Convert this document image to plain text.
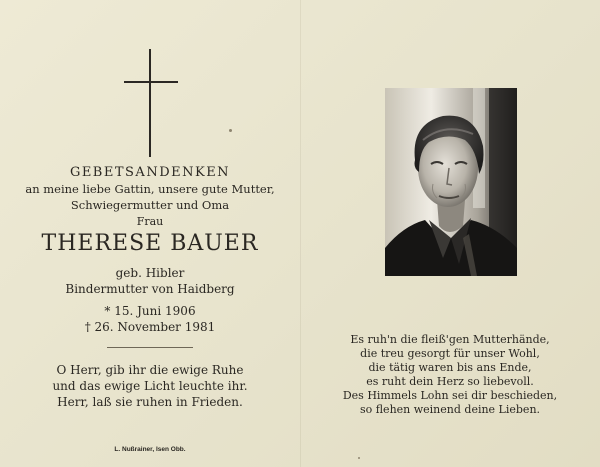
GEBETSANDENKEN
an meine liebe Gattin, unsere gute Mutter,
Schwiegermutter und Oma
Frau
THERESE BAUER
geb. Hibler
Bindermutter von Haidberg
* 15. Juni 1906
† 26. November 1981
O Herr, gib ihr die ewige Ruhe
und das ewige Licht leuchte ihr.
Herr, laß sie ruhen in Frieden.
L. Nußrainer, Isen Obb.
Es ruh'n die fleiß'gen Mutterhände,
die treu gesorgt für unser Wohl,
die tätig waren bis ans Ende,
es ruht dein Herz so liebevoll.
Des Himmels Lohn sei dir beschieden,
so flehen weinend deine Lieben.
